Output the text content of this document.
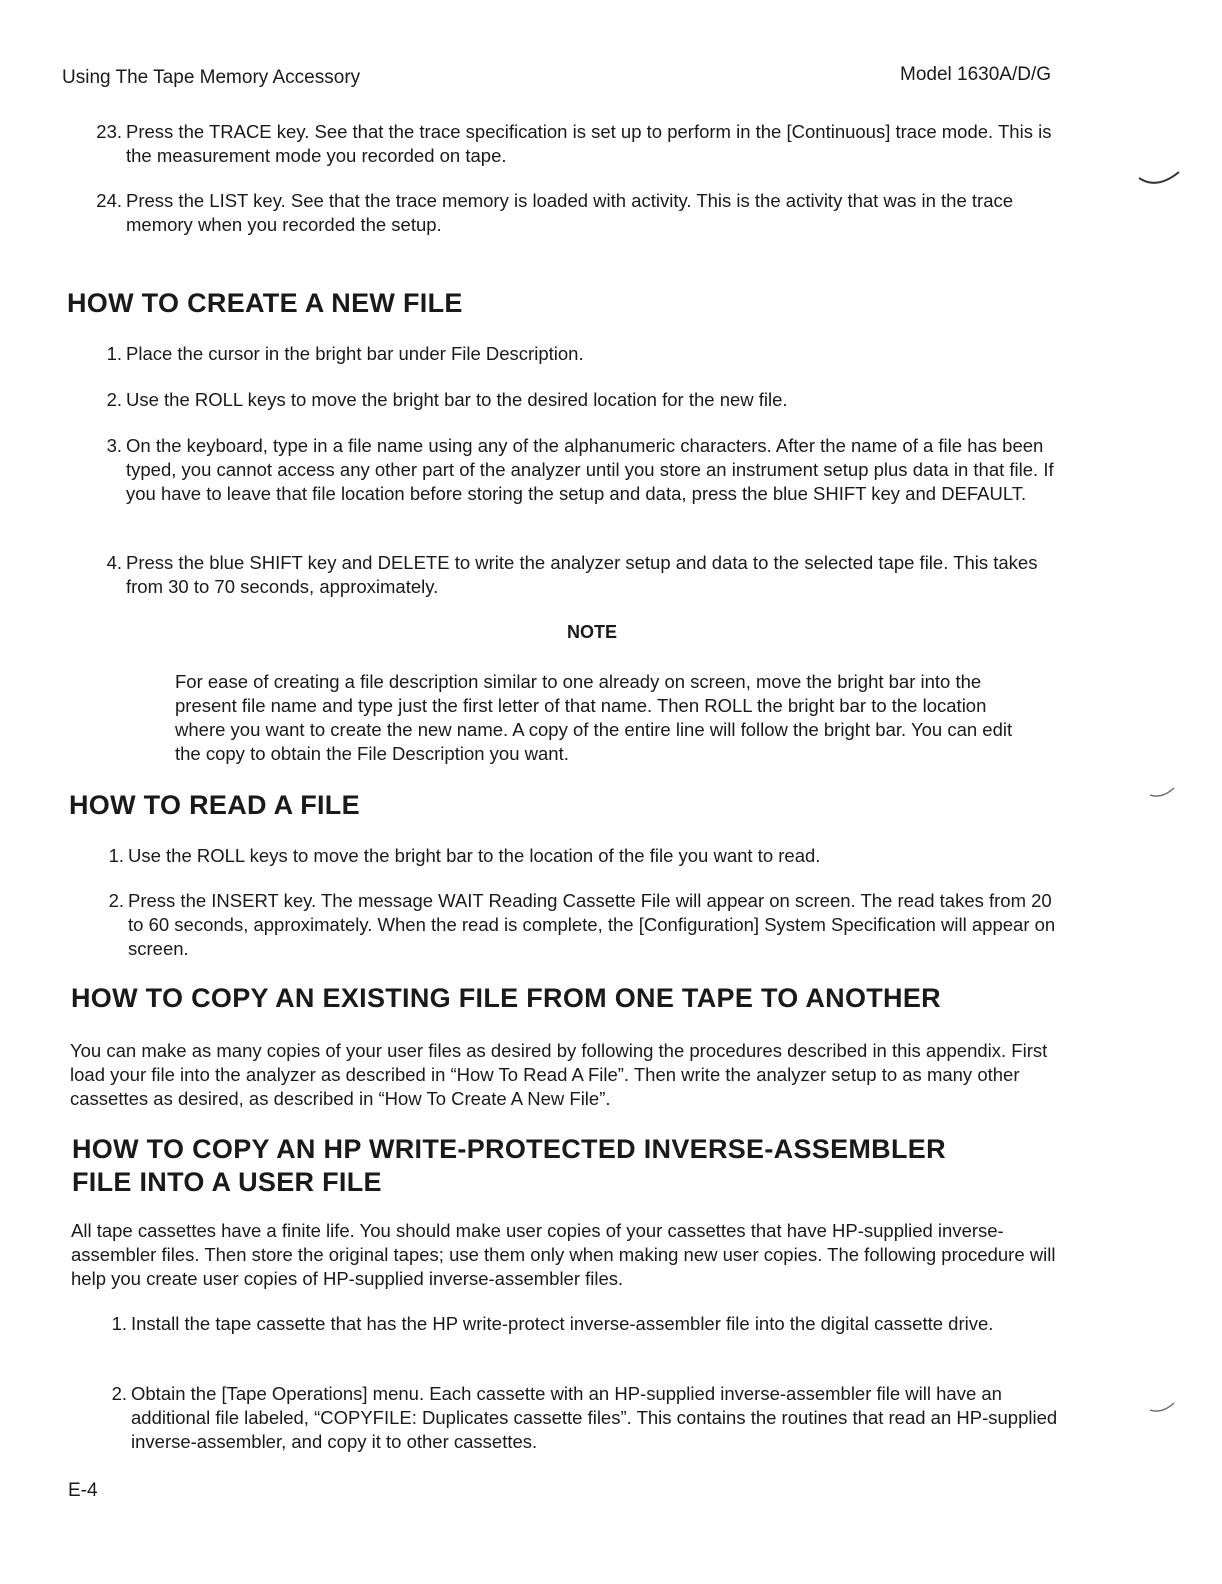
Using The Tape Memory Accessory	Model 1630A/D/G
23. Press the TRACE key. See that the trace specification is set up to perform in the [Continuous] trace mode. This is the measurement mode you recorded on tape.
24. Press the LIST key. See that the trace memory is loaded with activity. This is the activity that was in the trace memory when you recorded the setup.
HOW TO CREATE A NEW FILE
1. Place the cursor in the bright bar under File Description.
2. Use the ROLL keys to move the bright bar to the desired location for the new file.
3. On the keyboard, type in a file name using any of the alphanumeric characters. After the name of a file has been typed, you cannot access any other part of the analyzer until you store an instrument setup plus data in that file. If you have to leave that file location before storing the setup and data, press the blue SHIFT key and DEFAULT.
4. Press the blue SHIFT key and DELETE to write the analyzer setup and data to the selected tape file. This takes from 30 to 70 seconds, approximately.
NOTE
For ease of creating a file description similar to one already on screen, move the bright bar into the present file name and type just the first letter of that name. Then ROLL the bright bar to the location where you want to create the new name. A copy of the entire line will follow the bright bar. You can edit the copy to obtain the File Description you want.
HOW TO READ A FILE
1. Use the ROLL keys to move the bright bar to the location of the file you want to read.
2. Press the INSERT key. The message WAIT Reading Cassette File will appear on screen. The read takes from 20 to 60 seconds, approximately. When the read is complete, the [Configuration] System Specification will appear on screen.
HOW TO COPY AN EXISTING FILE FROM ONE TAPE TO ANOTHER
You can make as many copies of your user files as desired by following the procedures described in this appendix. First load your file into the analyzer as described in “How To Read A File”. Then write the analyzer setup to as many other cassettes as desired, as described in “How To Create A New File”.
HOW TO COPY AN HP WRITE-PROTECTED INVERSE-ASSEMBLER
FILE INTO A USER FILE
All tape cassettes have a finite life. You should make user copies of your cassettes that have HP-supplied inverse-assembler files. Then store the original tapes; use them only when making new user copies. The following procedure will help you create user copies of HP-supplied inverse-assembler files.
1. Install the tape cassette that has the HP write-protect inverse-assembler file into the digital cassette drive.
2. Obtain the [Tape Operations] menu. Each cassette with an HP-supplied inverse-assembler file will have an additional file labeled, “COPYFILE: Duplicates cassette files”. This contains the routines that read an HP-supplied inverse-assembler, and copy it to other cassettes.
E-4
